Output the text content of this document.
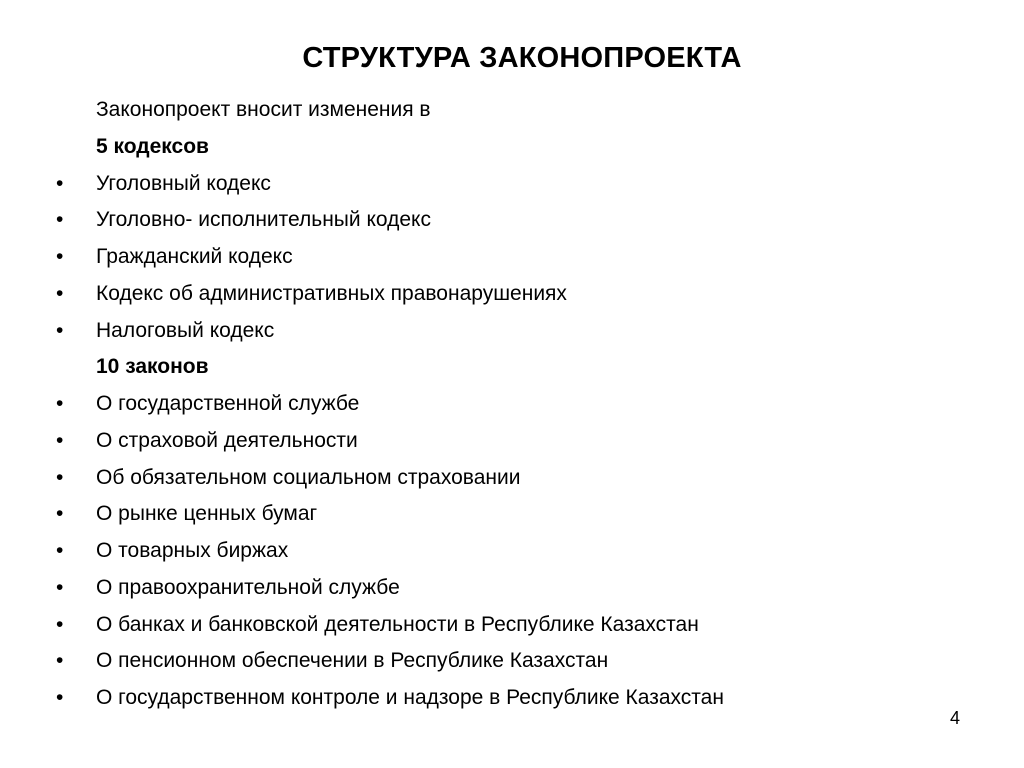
СТРУКТУРА ЗАКОНОПРОЕКТА
Законопроект вносит изменения в
5 кодексов
• Уголовный кодекс
• Уголовно- исполнительный кодекс
• Гражданский кодекс
• Кодекс об административных правонарушениях
• Налоговый кодекс
10 законов
• О государственной службе
• О страховой деятельности
• Об обязательном социальном страховании
• О рынке ценных бумаг
• О товарных биржах
• О правоохранительной службе
• О банках и банковской деятельности в Республике Казахстан
• О пенсионном обеспечении в Республике Казахстан
• О государственном контроле и надзоре в Республике Казахстан
4
